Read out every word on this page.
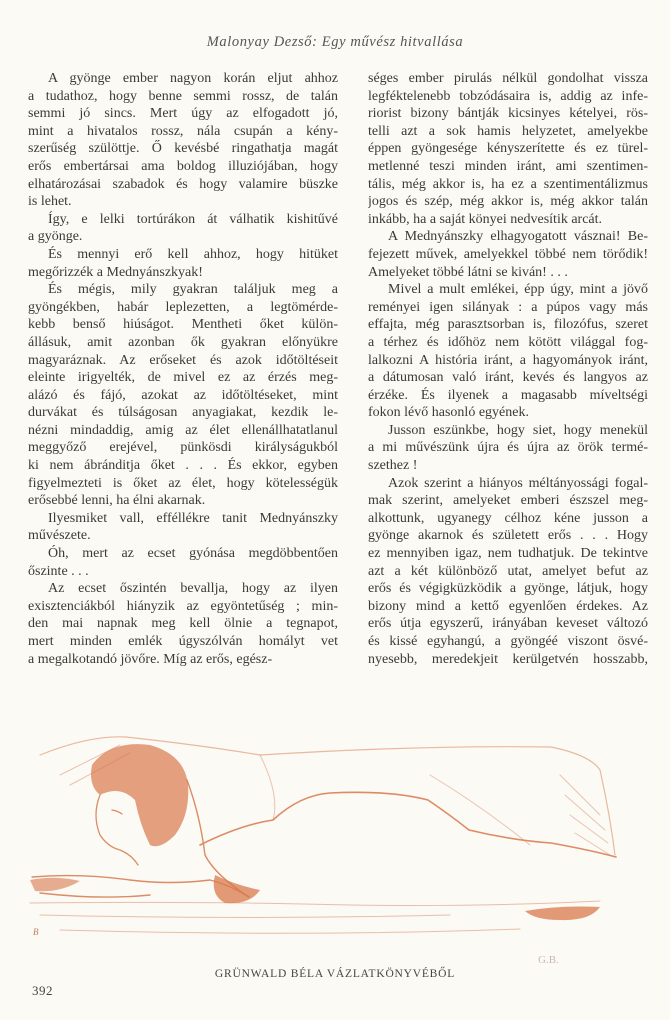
Malonyay Dezső: Egy művész hitvallása
A gyönge ember nagyon korán eljut ahhoz
a tudathoz, hogy benne semmi rossz, de talán
semmi jó sincs. Mert úgy az elfogadott jó,
mint a hivatalos rossz, nála csupán a kény-
szerűség szülöttje. Ő kevésbé ringathatja magát
erős embertársai ama boldog illuziójában, hogy
elhatározásai szabadok és hogy valamire büszke
is lehet.
Így, e lelki tortúrákon át válhatik kishitűvé
a gyönge.
És mennyi erő kell ahhoz, hogy hitüket
megőrizzék a Mednyánszkyak!
És mégis, mily gyakran találjuk meg a
gyöngékben, habár leplezetten, a legtömérde-
kebb benső hiúságot. Mentheti őket külön-
állásuk, amit azonban ők gyakran előnyükre
magyaráznak. Az erőseket és azok időtöltéseit
eleinte irigyelték, de mivel ez az érzés meg-
alázó és fájó, azokat az időtöltéseket, mint
durvákat és túlságosan anyagiakat, kezdik le-
nézni mindaddig, amig az élet ellenállhatatlanul
meggyőző erejével, pünkösdi királyságukból
ki nem ábránditja őket . . . És ekkor, egyben
figyelmezteti is őket az élet, hogy kötelességük
erősebbé lenni, ha élni akarnak.
Ilyesmiket vall, efféllékre tanit Mednyánszky
művészete.
Óh, mert az ecset gyónása megdöbbentően
őszinte . . .
Az ecset őszintén bevallja, hogy az ilyen
exisztenciákból hiányzik az egyöntetűség ; min-
den mai napnak meg kell ölnie a tegnapot,
mert minden emlék úgyszólván homályt vet
a megalkotandó jövőre. Míg az erős, egész-
séges ember pirulás nélkül gondolhat vissza
legféktelenebb tobzódásaira is, addig az infe-
riorist bizony bántják kicsinyes kételyei, rös-
telli azt a sok hamis helyzetet, amelyekbe
éppen gyöngesége kényszerítette és ez türel-
metlenné teszi minden iránt, ami szentimen-
tális, még akkor is, ha ez a szentimentálizmus
jogos és szép, még akkor is, még akkor talán
inkább, ha a saját könyei nedvesítik arcát.
A Mednyánszky elhagyogatott vásznai! Be-
fejezett művek, amelyekkel többé nem törődik!
Amelyeket többé látni se kiván! . . .
Mivel a mult emlékei, épp úgy, mint a jövő
reményei igen silányak : a púpos vagy más
effajta, még parasztsorban is, filozófus, szeret
a térhez és időhöz nem kötött világgal fog-
lalkozni A história iránt, a hagyományok iránt,
a dátumosan való iránt, kevés és langyos az
érzéke. És ilyenek a magasabb míveltségi
fokon lévő hasonló egyének.
Jusson eszünkbe, hogy siet, hogy menekül
a mi művészünk újra és újra az örök termé-
szethez !
Azok szerint a hiányos méltányossági fogal-
mak szerint, amelyeket emberi észszel meg-
alkottunk, ugyanegy célhoz kéne jusson a
gyönge akarnok és született erős . . . Hogy
ez mennyiben igaz, nem tudhatjuk. De tekintve
azt a két különböző utat, amelyet befut az
erős és végigküzködik a gyönge, látjuk, hogy
bizony mind a kettő egyenlően érdekes. Az
erős útja egyszerű, irányában keveset változó
és kissé egyhangú, a gyöngéé viszont ösvé-
nyesebb, meredekjeit kerülgetvén hosszabb,
B
G.B.
GRÜNWALD BÉLA VÁZLATKÖNYVÉBŐL
392
